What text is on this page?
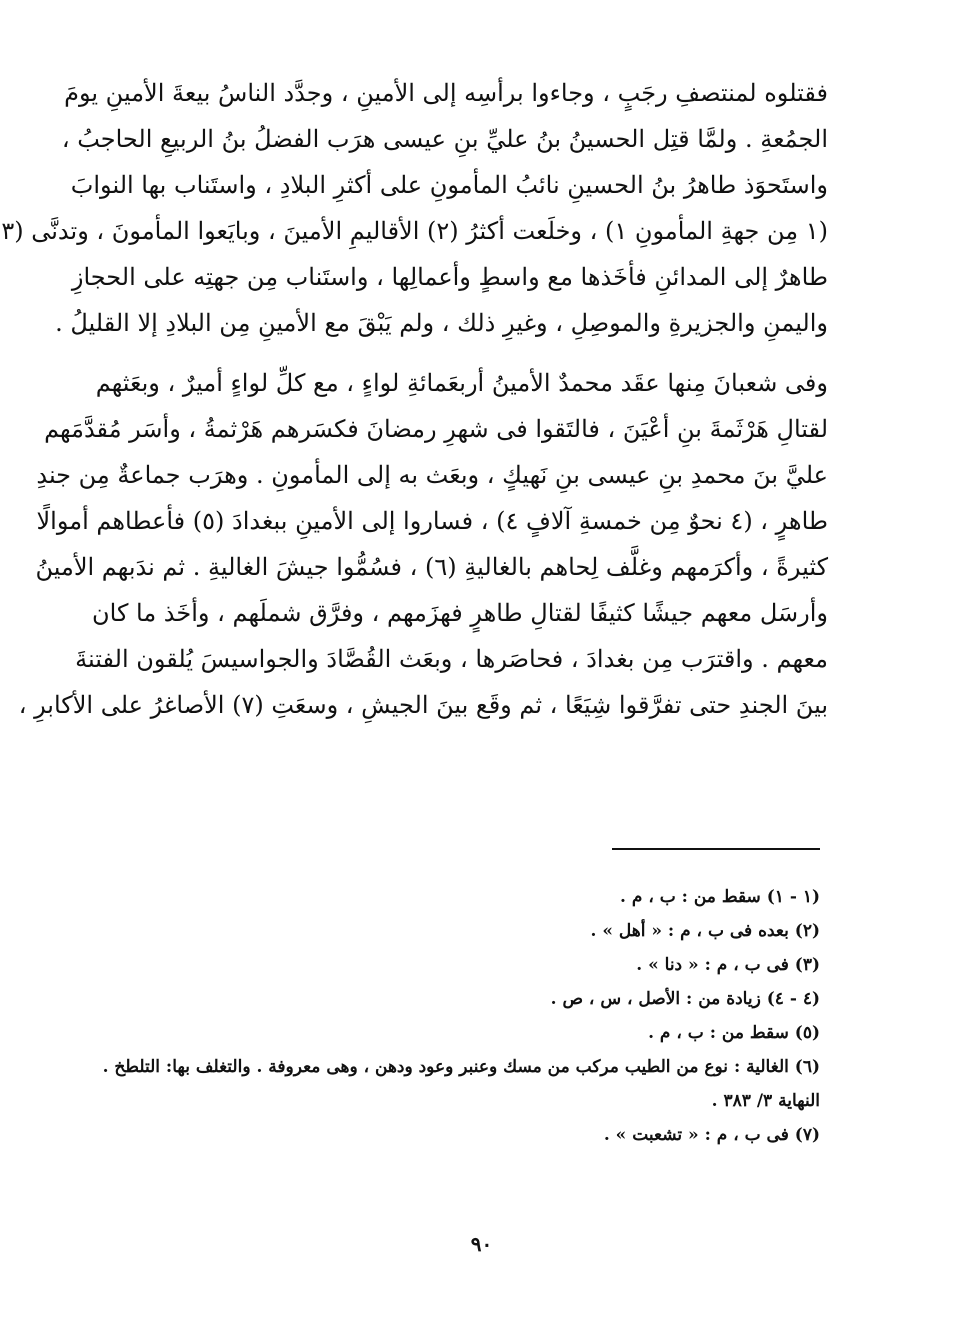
فقتلوه لمنتصفِ رجَبٍ ، وجاءوا برأسِه إلى الأمينِ ، وجدَّد الناسُ بيعةَ الأمينِ يومَ
الجمُعةِ . ولمَّا قتِل الحسينُ بنُ عليِّ بنِ عيسى هرَب الفضلُ بنُ الربيعِ الحاجبُ ،
واستَحوَذ طاهرُ بنُ الحسينِ نائبُ المأمونِ على أكثرِ البلادِ ، واستَناب بها النوابَ
(١ مِن جهةِ المأمونِ ١) ، وخلَعت أكثرُ (٢) الأقاليمِ الأمينَ ، وبايَعوا المأمونَ ، وتدنَّى (٣
طاهرٌ إلى المدائنِ فأخَذها مع واسطٍ وأعمالِها ، واستَناب مِن جهتِه على الحجازِ
واليمنِ والجزيرةِ والموصِلِ ، وغيرِ ذلك ، ولم يَبْقَ مع الأمينِ مِن البلادِ إلا القليلُ .
وفى شعبانَ مِنها عقَد محمدٌ الأمينُ أربعَمائةِ لواءٍ ، مع كلِّ لواءٍ أميرٌ ، وبعَثهم
لقتالِ هَرْثَمةَ بنِ أعْيَنَ ، فالتَقوا فى شهرِ رمضانَ فكسَرهم هَرْثمةُ ، وأسَر مُقدَّمَهم
عليَّ بنَ محمدِ بنِ عيسى بنِ نَهيكٍ ، وبعَث به إلى المأمونِ . وهرَب جماعةٌ مِن جندِ
طاهرٍ ، (٤ نحوٌ مِن خمسةِ آلافٍ ٤) ، فساروا إلى الأمينِ ببغدادَ (٥) فأعطاهم أموالًا
كثيرةً ، وأكرَمهم وغلَّف لِحاهم بالغاليةِ (٦) ، فسُمُّوا جيشَ الغاليةِ . ثم ندَبهم الأمينُ
وأرسَل معهم جيشًا كثيفًا لقتالِ طاهرٍ فهزَمهم ، وفرَّق شملَهم ، وأخَذ ما كان
معهم . واقترَب مِن بغدادَ ، فحاصَرها ، وبعَث القُصَّادَ والجواسيسَ يُلقون الفتنةَ
بينَ الجندِ حتى تفرَّقوا شِيَعًا ، ثم وقَع بينَ الجيشِ ، وسعَتِ (٧) الأصاغرُ على الأكابرِ ،
(١ - ١) سقط من : ب ، م .
(٢) بعده فى ب ، م : « أهل » .
(٣) فى ب ، م : « دنا » .
(٤ - ٤) زيادة من : الأصل ، س ، ص .
(٥) سقط من : ب ، م .
(٦) الغالية : نوع من الطيب مركب من مسك وعنبر وعود ودهن ، وهى معروفة . والتغلف بها: التلطخ .
النهاية ٣/ ٣٨٣ .
(٧) فى ب ، م : « تشعبت » .
٩٠
